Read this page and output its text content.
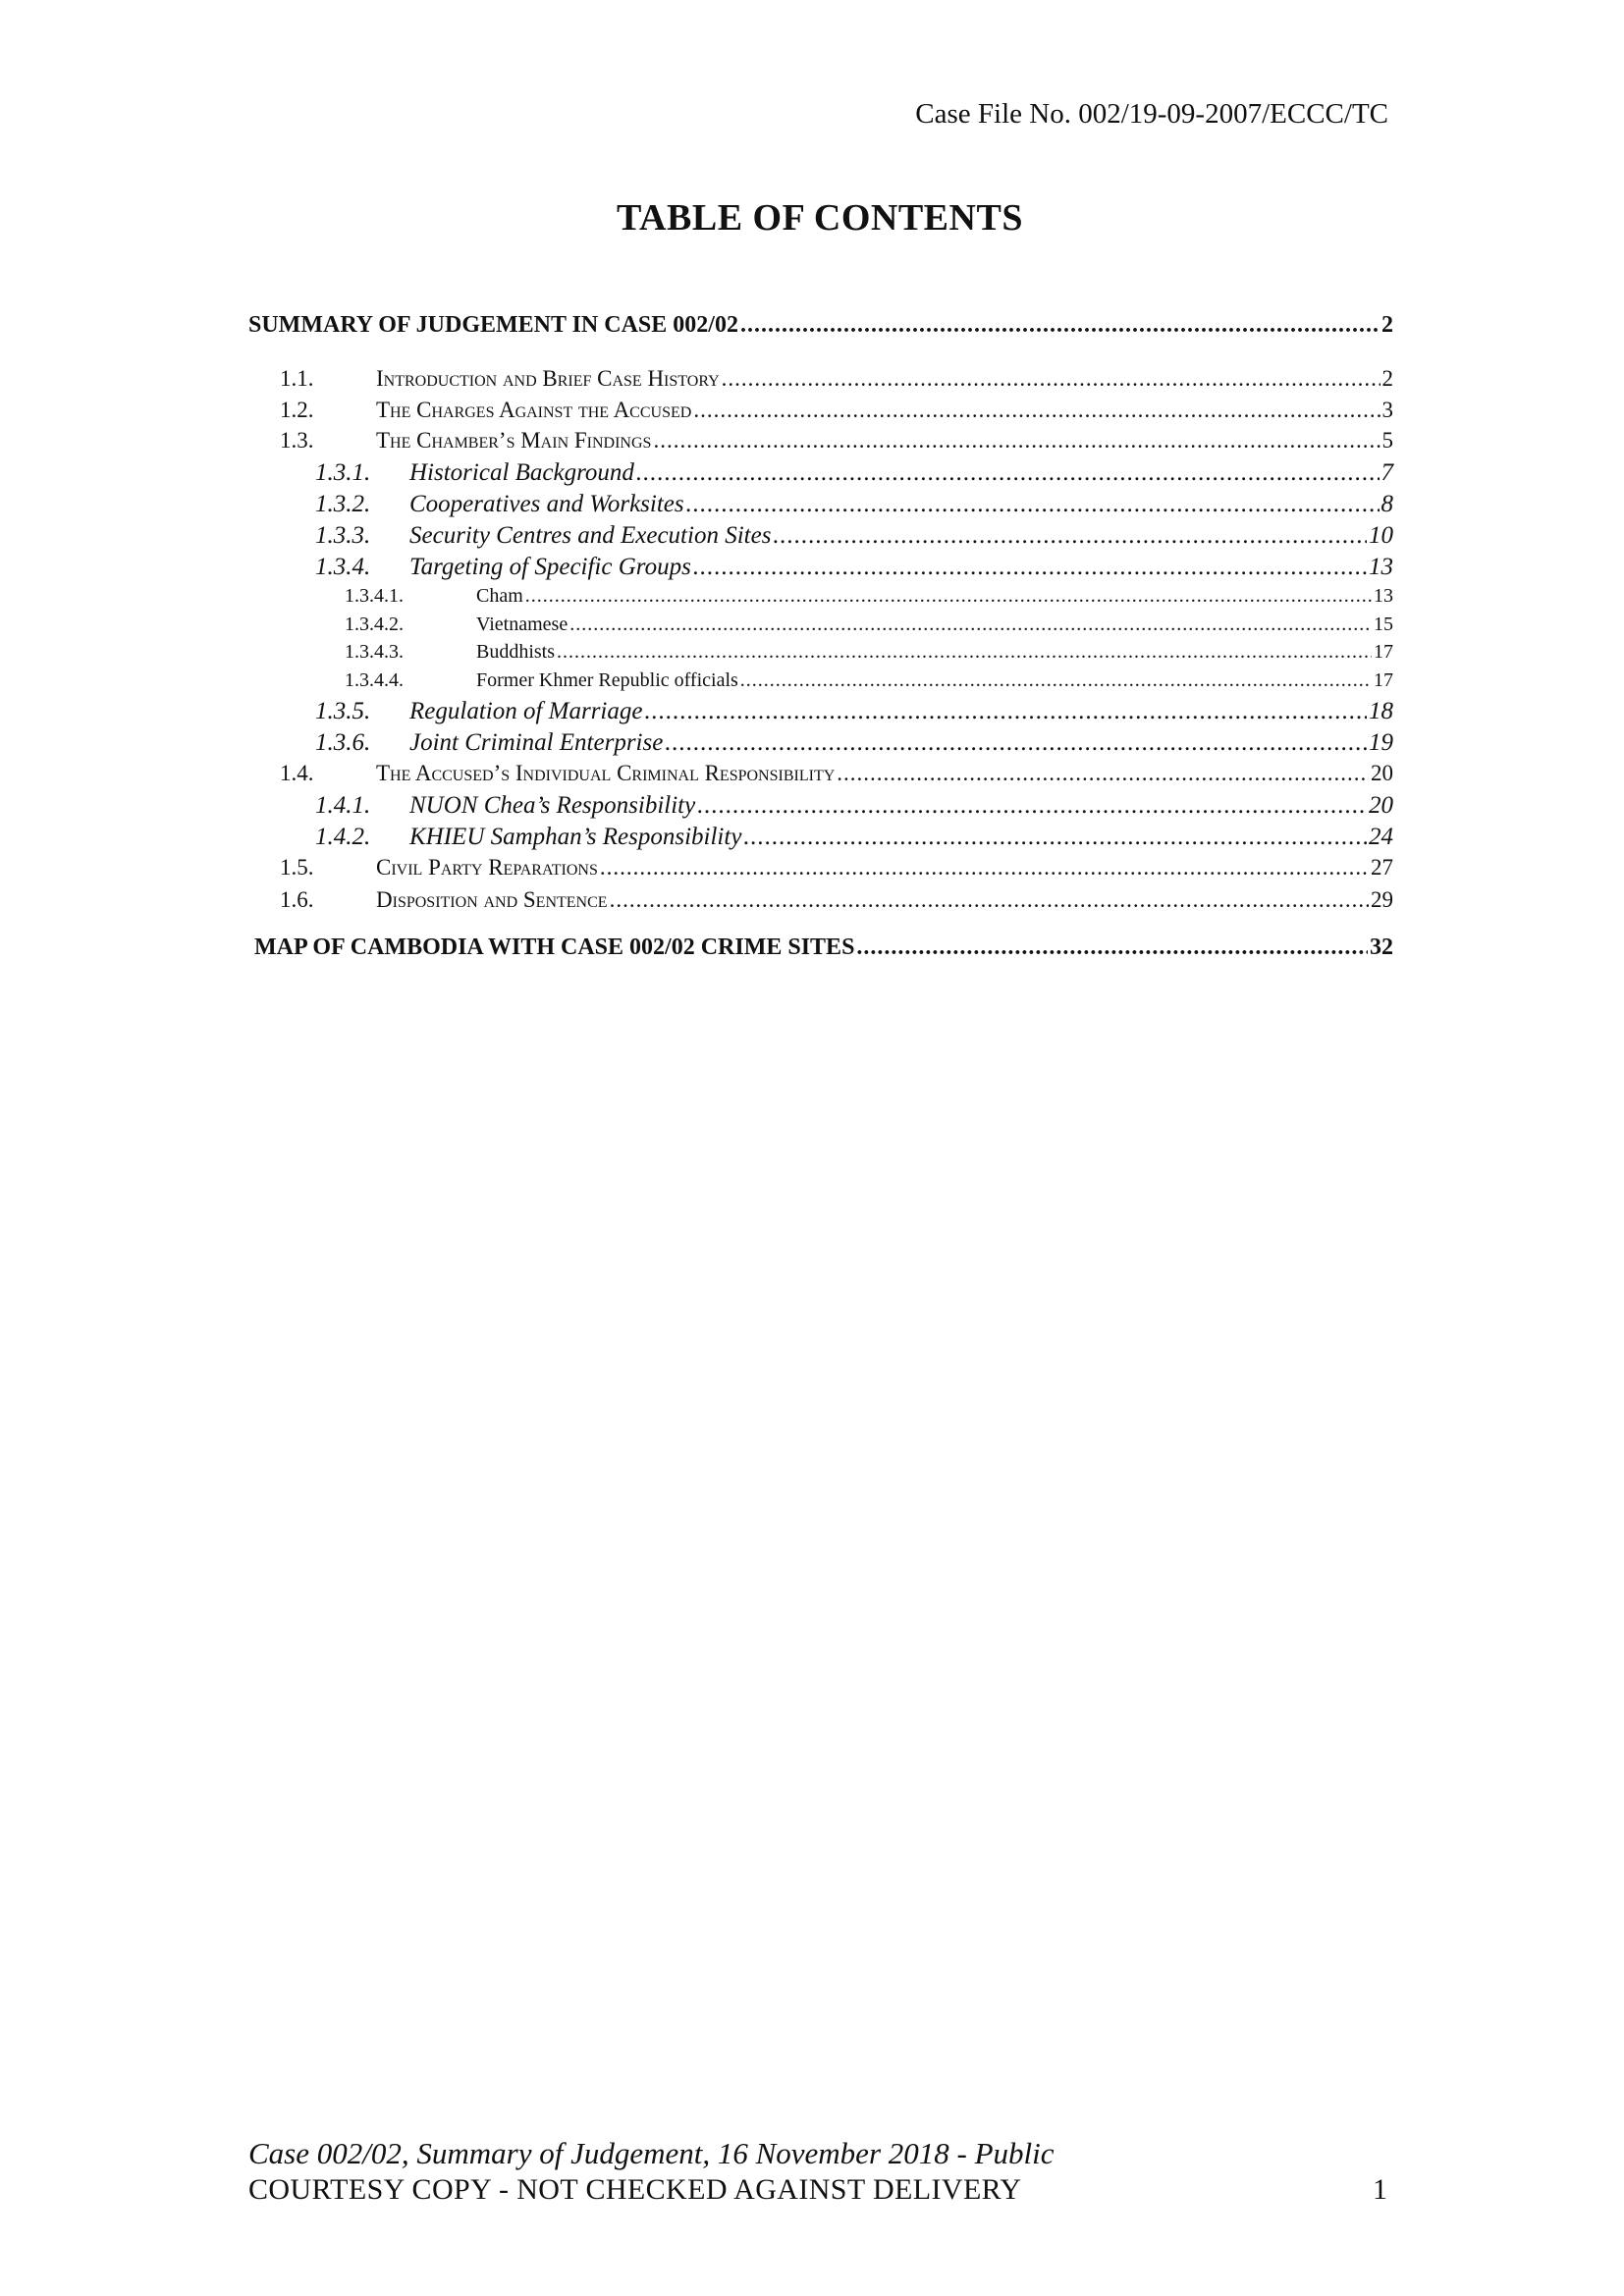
Case File No. 002/19-09-2007/ECCC/TC
TABLE OF CONTENTS
SUMMARY OF JUDGEMENT IN CASE 002/02 .....	2
1.1.	Introduction and Brief Case History .....	2
1.2.	The Charges Against the Accused .....	3
1.3.	The Chamber’s Main Findings .....	5
1.3.1.	Historical Background .....	7
1.3.2.	Cooperatives and Worksites .....	8
1.3.3.	Security Centres and Execution Sites .....	10
1.3.4.	Targeting of Specific Groups .....	13
1.3.4.1.	Cham .....	13
1.3.4.2.	Vietnamese .....	15
1.3.4.3.	Buddhists .....	17
1.3.4.4.	Former Khmer Republic officials .....	17
1.3.5.	Regulation of Marriage .....	18
1.3.6.	Joint Criminal Enterprise .....	19
1.4.	The Accused’s Individual Criminal Responsibility .....	20
1.4.1.	NUON Chea’s Responsibility .....	20
1.4.2.	KHIEU Samphan’s Responsibility .....	24
1.5.	Civil Party Reparations .....	27
1.6.	Disposition and Sentence .....	29
MAP OF CAMBODIA WITH CASE 002/02 CRIME SITES .....	32
Case 002/02, Summary of Judgement, 16 November 2018 - Public
COURTESY COPY - NOT CHECKED AGAINST DELIVERY	1
